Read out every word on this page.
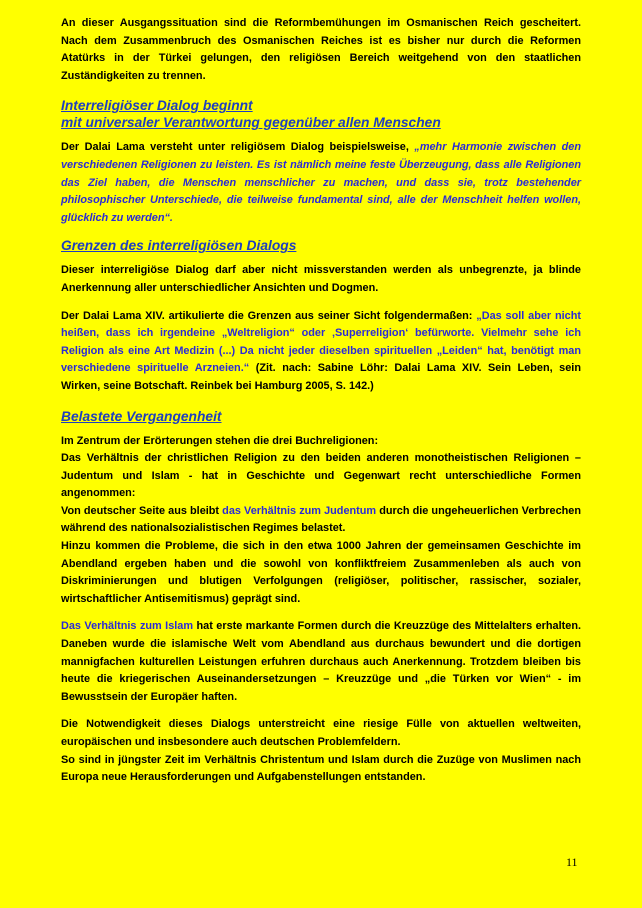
An dieser Ausgangssituation sind die Reformbemühungen im Osmanischen Reich gescheitert. Nach dem Zusammenbruch des Osmanischen Reiches ist es bisher nur durch die Reformen Atatürks in der Türkei gelungen, den religiösen Bereich weitgehend von den staatlichen Zuständigkeiten zu trennen.

Interreligiöser Dialog beginnt
mit universaler Verantwortung gegenüber allen Menschen

Der Dalai Lama versteht unter religiösem Dialog beispielsweise, „mehr Harmonie zwischen den verschiedenen Religionen zu leisten. Es ist nämlich meine feste Überzeugung, dass alle Religionen das Ziel haben, die Menschen menschlicher zu machen, und dass sie, trotz bestehender philosophischer Unterschiede, die teilweise fundamental sind, alle der Menschheit helfen wollen, glücklich zu werden“.

Grenzen des interreligiösen Dialogs

Dieser interreligiöse Dialog darf aber nicht missverstanden werden als unbegrenzte, ja blinde Anerkennung aller unterschiedlicher Ansichten und Dogmen.

Der Dalai Lama XIV. artikulierte die Grenzen aus seiner Sicht folgendermaßen: „Das soll aber nicht heißen, dass ich irgendeine „Weltreligion“ oder ‚Superreligion‘ befürworte. Vielmehr sehe ich Religion als eine Art Medizin (...) Da nicht jeder dieselben spirituellen „Leiden“ hat, benötigt man verschiedene spirituelle Arzneien.“ (Zit. nach: Sabine Löhr: Dalai Lama XIV. Sein Leben, sein Wirken, seine Botschaft. Reinbek bei Hamburg 2005, S. 142.)

Belastete Vergangenheit

Im Zentrum der Erörterungen stehen die drei Buchreligionen:
Das Verhältnis der christlichen Religion zu den beiden anderen monotheistischen Religionen – Judentum und Islam - hat in Geschichte und Gegenwart recht unterschiedliche Formen angenommen:
Von deutscher Seite aus bleibt das Verhältnis zum Judentum durch die ungeheuerlichen Verbrechen während des nationalsozialistischen Regimes belastet.
Hinzu kommen die Probleme, die sich in den etwa 1000 Jahren der gemeinsamen Geschichte im Abendland ergeben haben und die sowohl von konfliktfreiem Zusammenleben als auch von Diskriminierungen und blutigen Verfolgungen (religiöser, politischer, rassischer, sozialer, wirtschaftlicher Antisemitismus) geprägt sind.

Das Verhältnis zum Islam hat erste markante Formen durch die Kreuzzüge des Mittelalters erhalten. Daneben wurde die islamische Welt vom Abendland aus durchaus bewundert und die dortigen mannigfachen kulturellen Leistungen erfuhren durchaus auch Anerkennung. Trotzdem bleiben bis heute die kriegerischen Auseinandersetzungen – Kreuzzüge und „die Türken vor Wien“ - im Bewusstsein der Europäer haften.

Die Notwendigkeit dieses Dialogs unterstreicht eine riesige Fülle von aktuellen weltweiten, europäischen und insbesondere auch deutschen Problemfeldern.
So sind in jüngster Zeit im Verhältnis Christentum und Islam durch die Zuzüge von Muslimen nach Europa neue Herausforderungen und Aufgabenstellungen entstanden.

11
